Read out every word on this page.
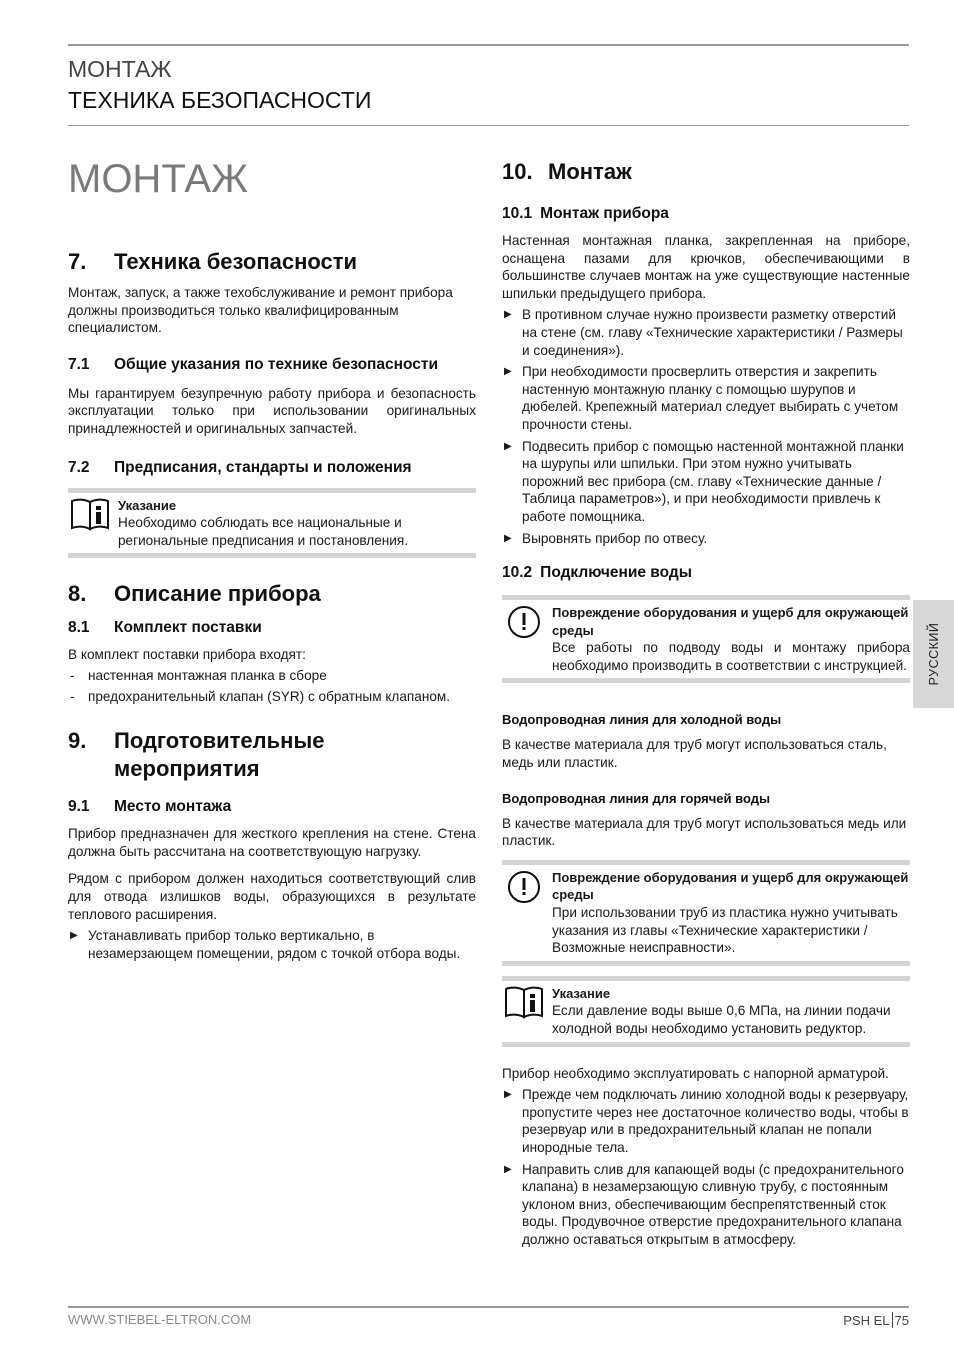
МОНТАЖ
ТЕХНИКА БЕЗОПАСНОСТИ
МОНТАЖ
7.	Техника безопасности

Монтаж, запуск, а также техобслуживание и ремонт прибора должны производиться только квалифицированным специалистом.

7.1	Общие указания по технике безопасности

Мы гарантируем безупречную работу прибора и безопасность эксплуатации только при использовании оригинальных принадлежностей и оригинальных запчастей.

7.2	Предписания, стандарты и положения
Указание
Необходимо соблюдать все национальные и региональные предписания и постановления.
8.	Описание прибора
8.1	Комплект поставки

В комплект поставки прибора входят:

- настенная монтажная планка в сборе
- предохранительный клапан (SYR) с обратным клапаном.
9.	Подготовительные мероприятия
9.1	Место монтажа

Прибор предназначен для жесткого крепления на стене. Стена должна быть рассчитана на соответствующую нагрузку.

Рядом с прибором должен находиться соответствующий слив для отвода излишков воды, образующихся в результате теплового расширения.

▶ Устанавливать прибор только вертикально, в незамерзающем помещении, рядом с точкой отбора воды.
10. Монтаж
10.1 Монтаж прибора

Настенная монтажная планка, закрепленная на приборе, оснащена пазами для крючков, обеспечивающими в большинстве случаев монтаж на уже существующие настенные шпильки предыдущего прибора.

▶ В противном случае нужно произвести разметку отверстий на стене (см. главу «Технические характеристики / Размеры и соединения»).
▶ При необходимости просверлить отверстия и закрепить настенную монтажную планку с помощью шурупов и дюбелей. Крепежный материал следует выбирать с учетом прочности стены.
▶ Подвесить прибор с помощью настенной монтажной планки на шурупы или шпильки. При этом нужно учитывать порожний вес прибора (см. главу «Технические данные / Таблица параметров»), и при необходимости привлечь к работе помощника.
▶ Выровнять прибор по отвесу.
10.2 Подключение воды
Повреждение оборудования и ущерб для окружающей среды
Все работы по подводу воды и монтажу прибора необходимо производить в соответствии с инструкцией.
Водопроводная линия для холодной воды

В качестве материала для труб могут использоваться сталь, медь или пластик.

Водопроводная линия для горячей воды

В качестве материала для труб могут использоваться медь или пластик.

Повреждение оборудования и ущерб для окружающей среды
При использовании труб из пластика нужно учитывать указания из главы «Технические характеристики / Возможные неисправности».
Указание
Если давление воды выше 0,6 МПа, на линии подачи холодной воды необходимо установить редуктор.

Прибор необходимо эксплуатировать с напорной арматурой.

▶ Прежде чем подключать линию холодной воды к резервуару, пропустите через нее достаточное количество воды, чтобы в резервуар или в предохранительный клапан не попали инородные тела.
▶ Направить слив для капающей воды (с предохранительного клапана) в незамерзающую сливную трубу, с постоянным уклоном вниз, обеспечивающим беспрепятственный сток воды. Продувочное отверстие предохранительного клапана должно оставаться открытым в атмосферу.
РУССКИЙ
WWW.STIEBEL-ELTRON.COM	PSH EL 75
